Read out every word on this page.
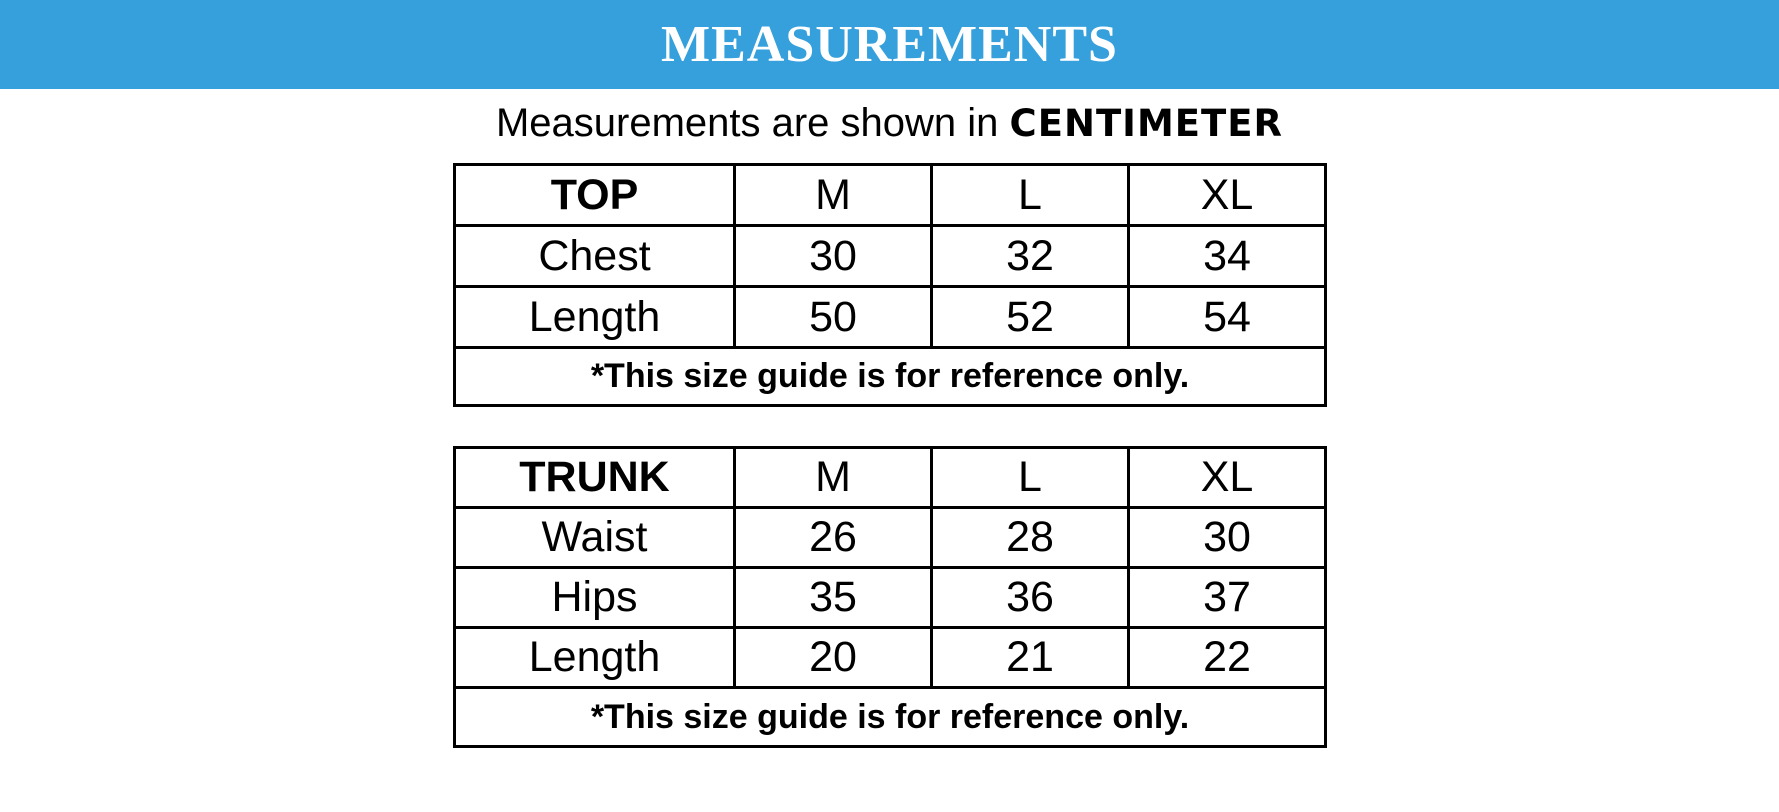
MEASUREMENTS
Measurements are shown in CENTIMETER
TOP	M	L	XL
Chest	30	32	34
Length	50	52	54
*This size guide is for reference only.			
TRUNK	M	L	XL
Waist	26	28	30
Hips	35	36	37
Length	20	21	22
*This size guide is for reference only.			
